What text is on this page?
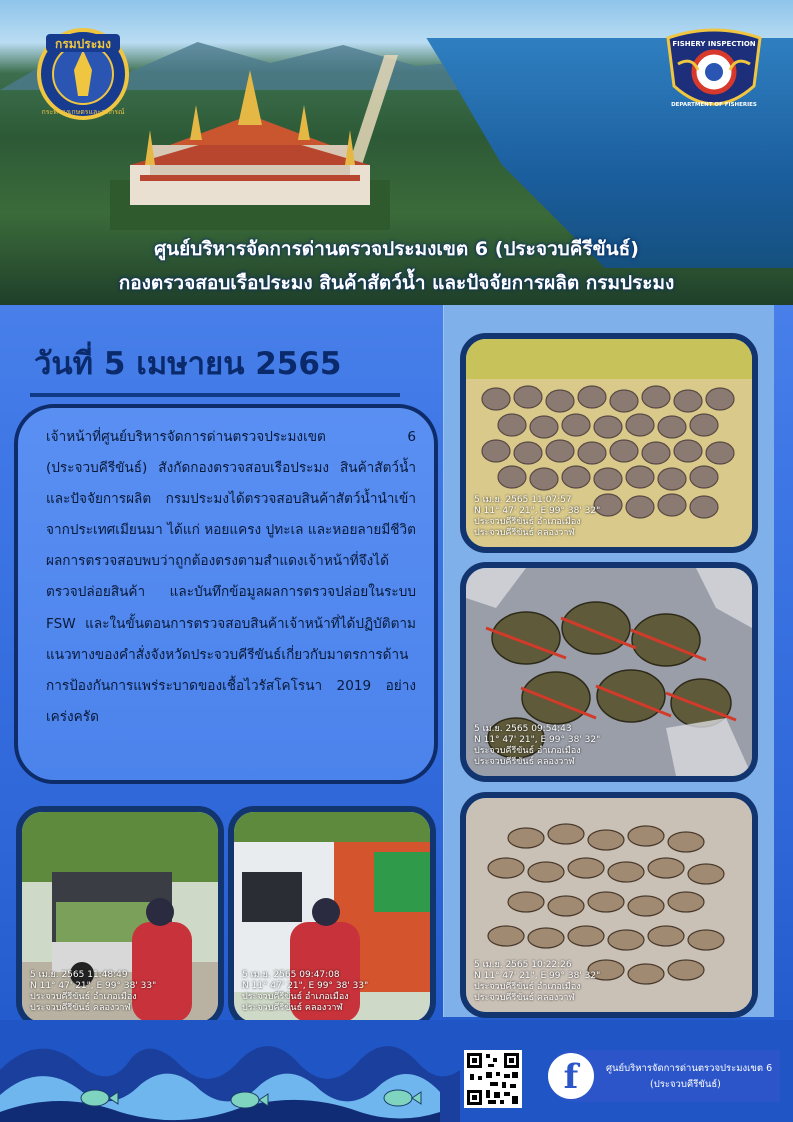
กรมประมง
กระทรวงเกษตรและสหกรณ์
FISHERY INSPECTION
DEPARTMENT OF FISHERIES
ศูนย์บริหารจัดการด่านตรวจประมงเขต 6 (ประจวบคีรีขันธ์)
กองตรวจสอบเรือประมง สินค้าสัตว์น้ำ และปัจจัยการผลิต กรมประมง
วันที่ 5 เมษายน 2565

เจ้าหน้าที่ศูนย์บริหารจัดการด่านตรวจประมงเขต 6 (ประจวบคีรีขันธ์) สังกัดกองตรวจสอบเรือประมง สินค้าสัตว์น้ำ และปัจจัยการผลิต กรมประมงได้ตรวจสอบสินค้าสัตว์น้ำนำเข้า จากประเทศเมียนมา ได้แก่ หอยแครง ปูทะเล และหอยลายมีชีวิต ผลการตรวจสอบพบว่าถูกต้องตรงตามสำแดงเจ้าหน้าที่จึงได้ตรวจปล่อยสินค้า และบันทึกข้อมูลผลการตรวจปล่อยในระบบ FSW และในขั้นตอนการตรวจสอบสินค้าเจ้าหน้าที่ได้ปฏิบัติตามแนวทางของคำสั่งจังหวัดประจวบคีรีขันธ์เกี่ยวกับมาตรการด้านการป้องกันการแพร่ระบาดของเชื้อไวรัสโคโรนา 2019 อย่างเคร่งครัด

5 เม.ย. 2565 11:07:57
N 11° 47' 21", E 99° 38' 32"
ประจวบคีรีขันธ์ อำเภอเมือง
ประจวบคีรีขันธ์ คลองวาฬ
5 เม.ย. 2565 09:54:43
N 11° 47' 21", E 99° 38' 32"
ประจวบคีรีขันธ์ อำเภอเมือง
ประจวบคีรีขันธ์ คลองวาฬ
5 เม.ย. 2565 10:22:26
N 11° 47' 21", E 99° 38' 32"
ประจวบคีรีขันธ์ อำเภอเมือง
ประจวบคีรีขันธ์ คลองวาฬ
5 เม.ย. 2565 11:48:49
N 11° 47' 21", E 99° 38' 33"
ประจวบคีรีขันธ์ อำเภอเมือง
ประจวบคีรีขันธ์ คลองวาฬ
5 เม.ย. 2565 09:47:08
N 11° 47' 21", E 99° 38' 33"
ประจวบคีรีขันธ์ อำเภอเมือง
ประจวบคีรีขันธ์ คลองวาฬ
f	ศูนย์บริหารจัดการด่านตรวจประมงเขต 6
(ประจวบคีรีขันธ์)
